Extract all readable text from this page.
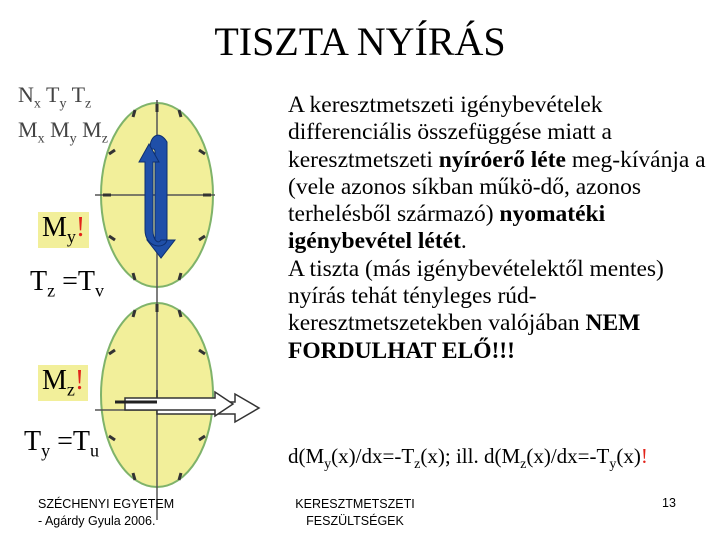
TISZTA NYÍRÁS
$N_x$ $T_y$ $T_z$
$M_x$ $M_y$ $M_z$
$M_y$!
$T_z =T_v$
$M_z$!
$T_y =T_u$

A keresztmetszeti igénybevételek differenciális összefüggése miatt a keresztmetszeti nyíróerő léte meg-kívánja a (vele azonos síkban műkö-dő, azonos terhelésből származó) nyomatéki igénybevétel létét.

A tiszta (más igénybevételektől mentes) nyírás tehát tényleges rúd-keresztmetszetekben valójában NEM FORDULHAT ELŐ!!!

$d(M_y(x)/dx=-T_z(x)$; ill. $d(M_z(x)/dx=-T_y(x)$!
SZÉCHENYI EGYETEM
- Agárdy Gyula 2006.
KERESZTMETSZETI
FESZÜLTSÉGEK
13
